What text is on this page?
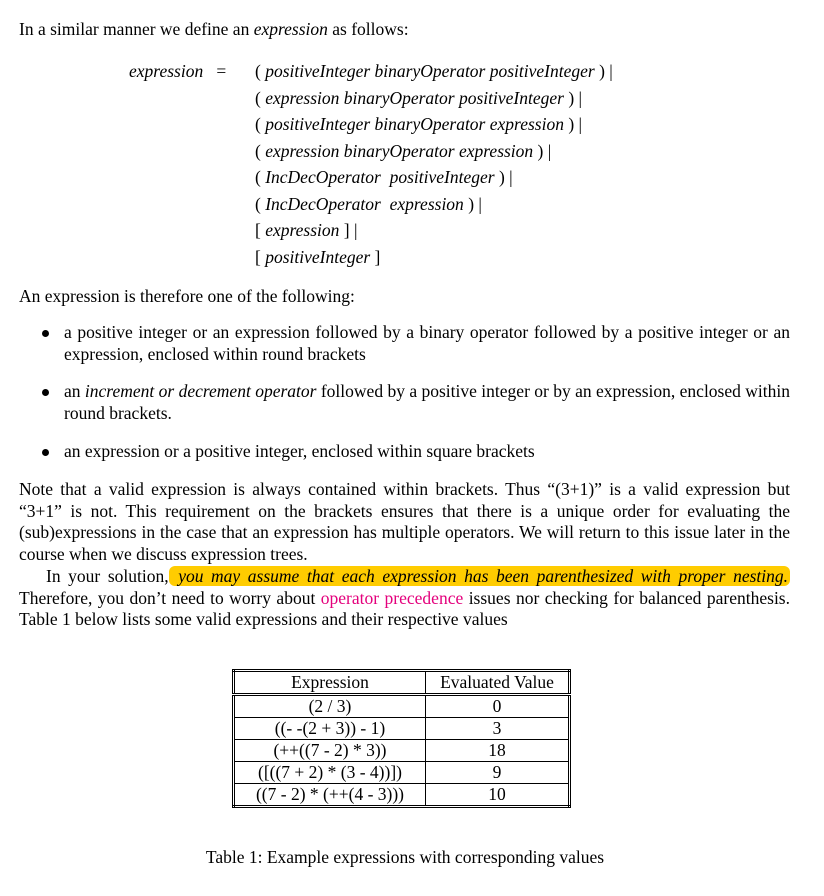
In a similar manner we define an expression as follows:
expression = ( positiveInteger binaryOperator positiveInteger ) |
( expression binaryOperator positiveInteger ) |
( positiveInteger binaryOperator expression ) |
( expression binaryOperator expression ) |
( IncDecOperator  positiveInteger ) |
( IncDecOperator  expression ) |
[ expression ] |
[ positiveInteger ]
An expression is therefore one of the following:
a positive integer or an expression followed by a binary operator followed by a positive integer or an expression, enclosed within round brackets
an increment or decrement operator followed by a positive integer or by an expression, enclosed within round brackets.
an expression or a positive integer, enclosed within square brackets
Note that a valid expression is always contained within brackets. Thus “(3+1)” is a valid expression but “3+1” is not. This requirement on the brackets ensures that there is a unique order for evaluating the (sub)expressions in the case that an expression has multiple operators. We will return to this issue later in the course when we discuss expression trees.
In your solution, you may assume that each expression has been parenthesized with proper nesting. Therefore, you don’t need to worry about operator precedence issues nor checking for balanced parenthesis. Table 1 below lists some valid expressions and their respective values
Expression	Evaluated Value
(2 / 3)	0
((- -(2 + 3)) - 1)	3
(++((7 - 2) * 3))	18
([((7 + 2) * (3 - 4))])	9
((7 - 2) * (++(4 - 3)))	10
Table 1: Example expressions with corresponding values
